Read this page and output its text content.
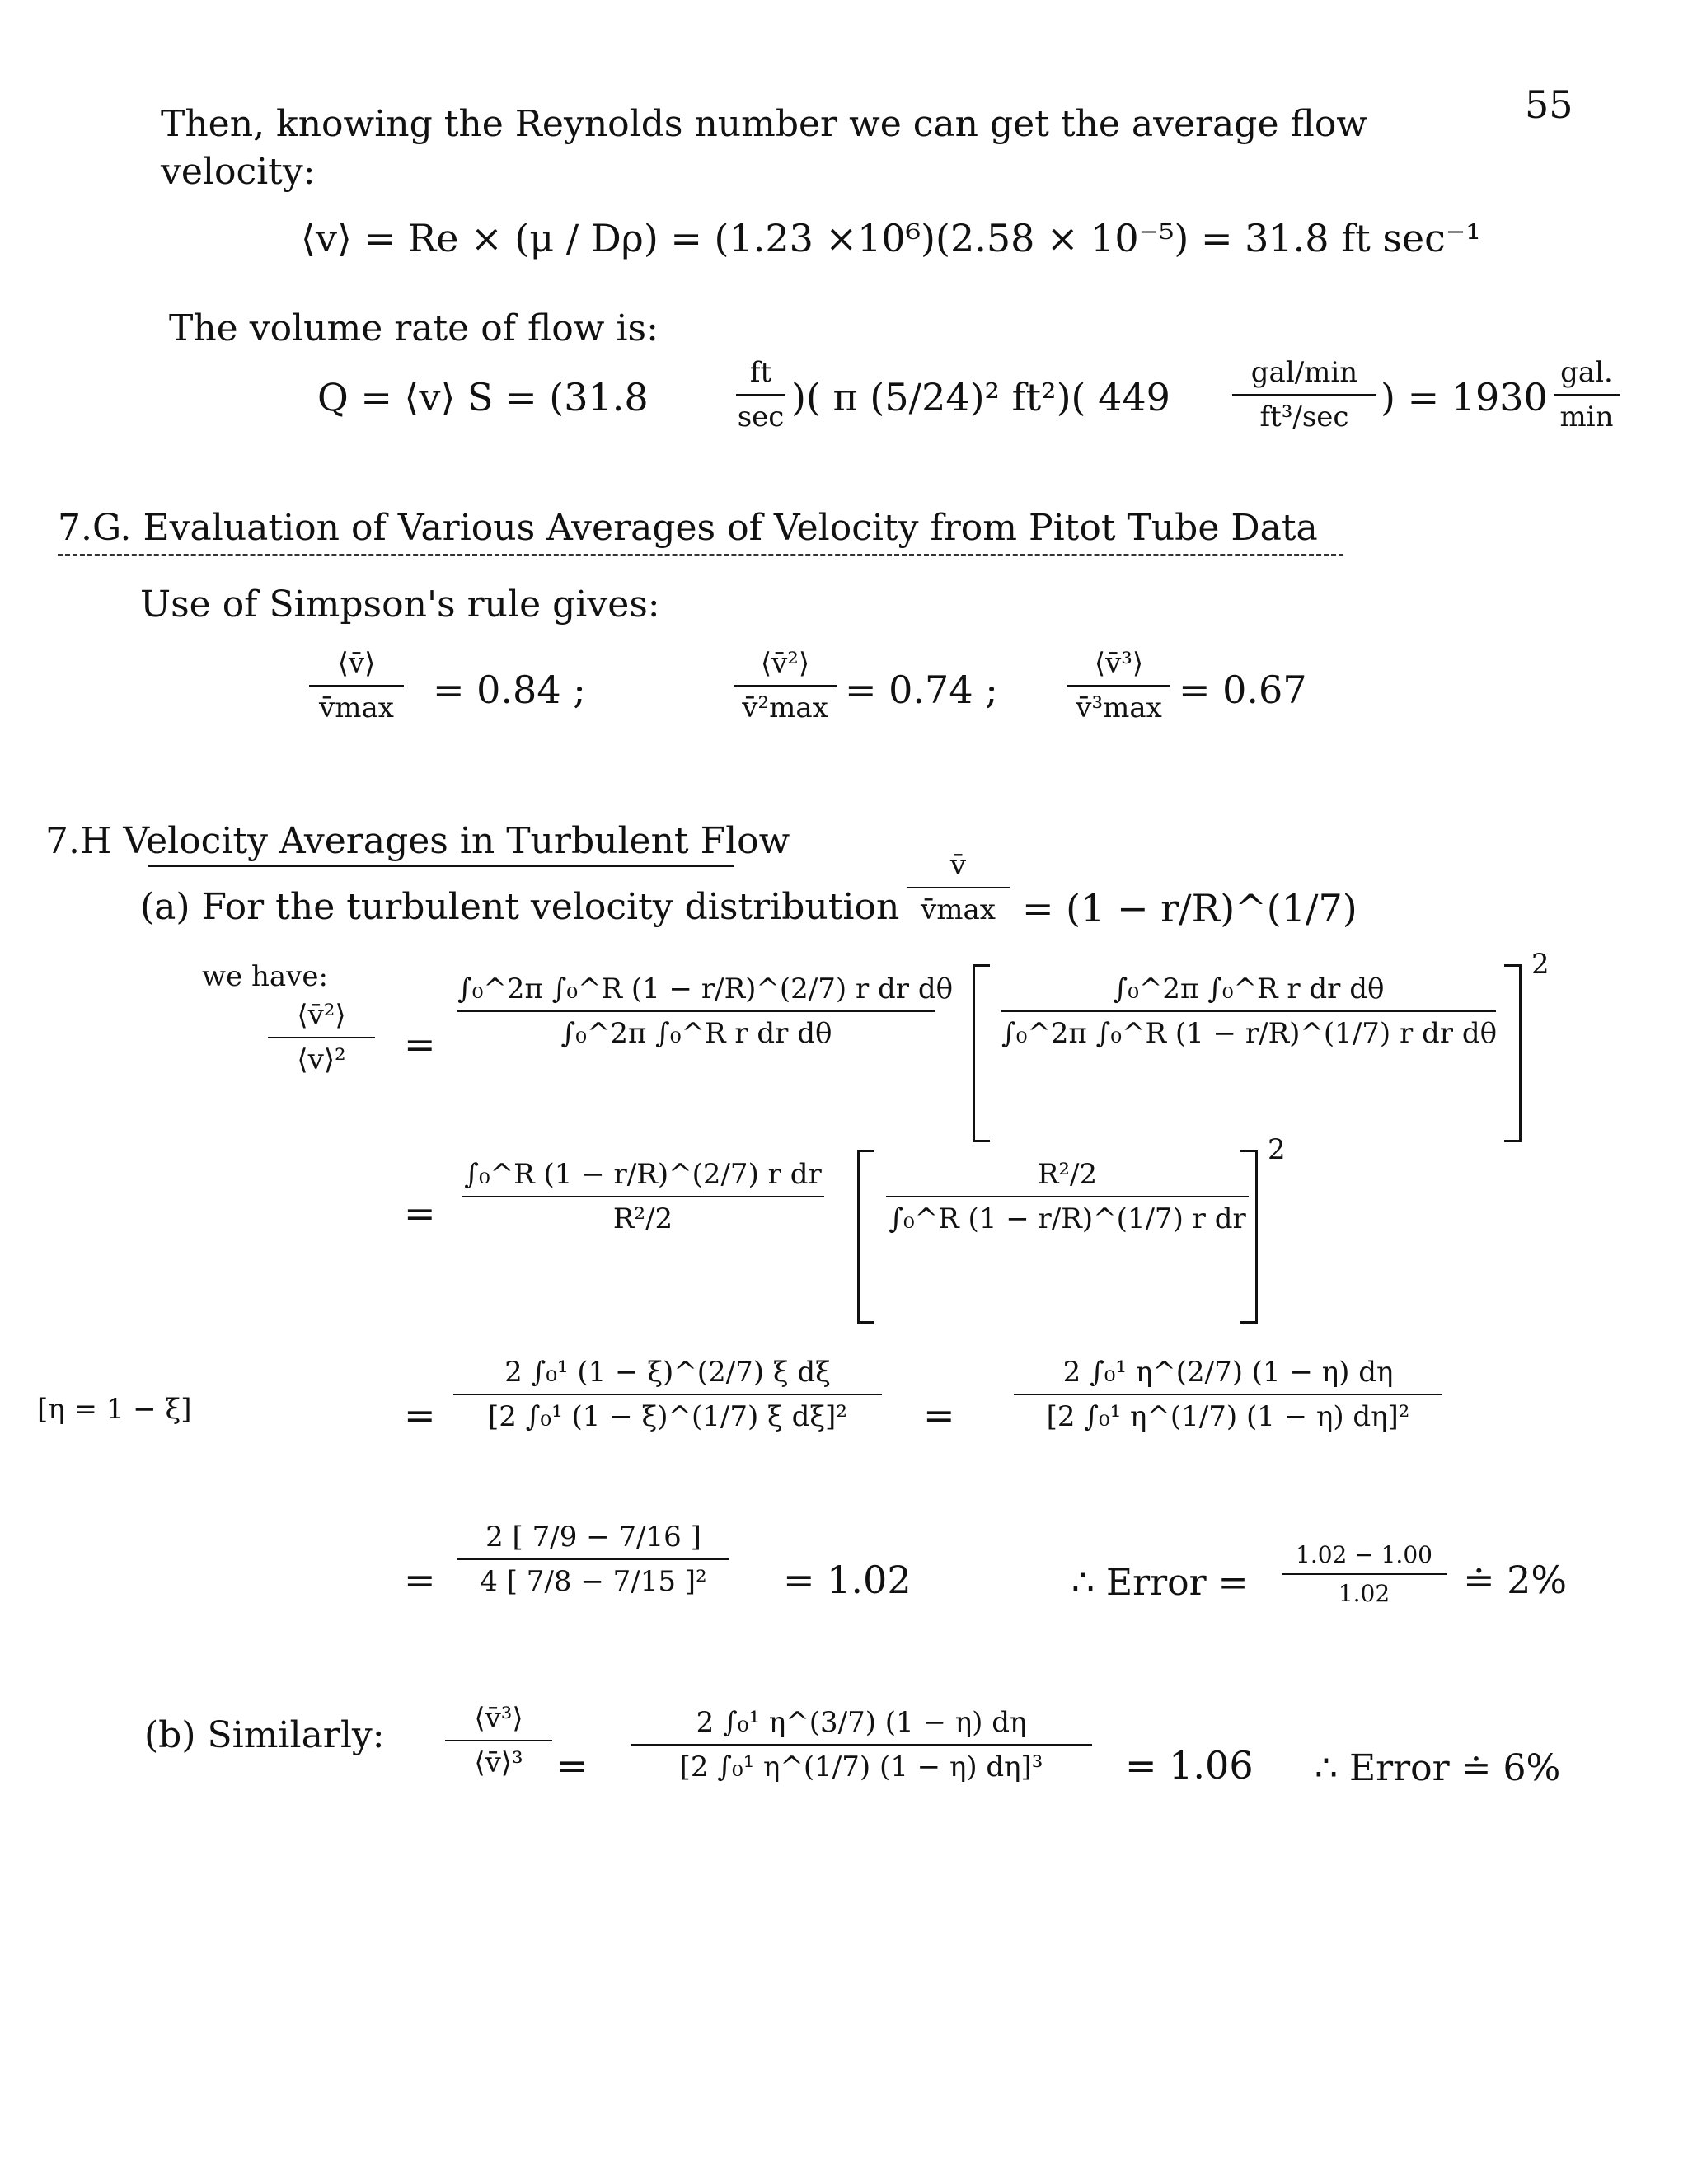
55
Then, knowing the Reynolds number we can get the average flow
velocity:
⟨v⟩ = Re × (μ / Dρ) = (1.23 ×10⁶)(2.58 × 10⁻⁵) = 31.8 ft sec⁻¹
The volume rate of flow is:
Q = ⟨v⟩ S = (31.8
ft
sec )( π (5/24)² ft²)( 449
gal/min
ft³/sec ) = 1930
gal.
min
7.G. Evaluation of Various Averages of Velocity from Pitot Tube Data
Use of Simpson's rule gives:
⟨v̄⟩
v̄max = 0.84 ;
⟨v̄²⟩
v̄²max = 0.74 ;
⟨v̄³⟩
v̄³max = 0.67
7.H Velocity Averages in Turbulent Flow
(a) For the turbulent velocity distribution
v̄
v̄max = (1 − r/R)^(1/7)
we have:
⟨v̄²⟩
⟨v⟩²	=
∫₀^2π ∫₀^R (1 − r/R)^(2/7) r dr dθ
∫₀^2π ∫₀^R r dr dθ
∫₀^2π ∫₀^R r dr dθ
∫₀^2π ∫₀^R (1 − r/R)^(1/7) r dr dθ
2
=
∫₀^R (1 − r/R)^(2/7) r dr
R²/2
R²/2
∫₀^R (1 − r/R)^(1/7) r dr
2
[η = 1 − ξ]	=
2 ∫₀¹ (1 − ξ)^(2/7) ξ dξ
[2 ∫₀¹ (1 − ξ)^(1/7) ξ dξ]²	=
2 ∫₀¹ η^(2/7) (1 − η) dη
[2 ∫₀¹ η^(1/7) (1 − η) dη]²
=
2 [ 7/9 − 7/16 ]
4 [ 7/8 − 7/15 ]²	= 1.02	∴ Error =
1.02 − 1.00
1.02	≐ 2%
(b) Similarly:	⟨v̄³⟩
⟨v̄⟩³ =
2 ∫₀¹ η^(3/7) (1 − η) dη
[2 ∫₀¹ η^(1/7) (1 − η) dη]³	= 1.06 ∴ Error ≐ 6%
